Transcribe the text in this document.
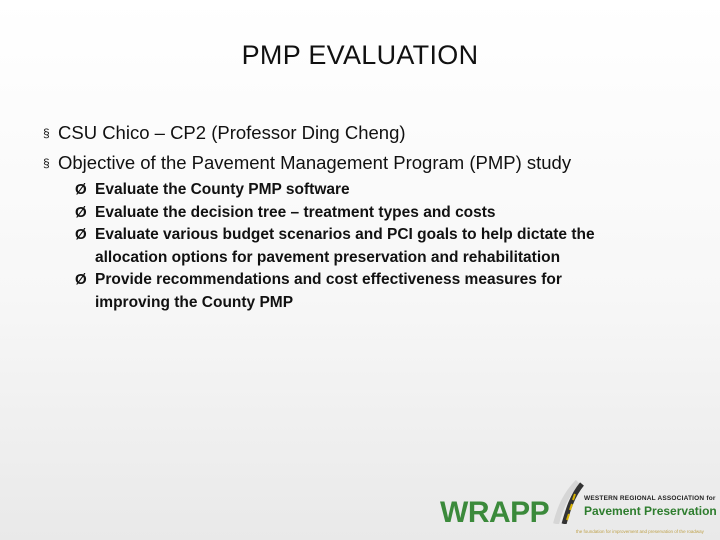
PMP EVALUATION
§ CSU Chico – CP2 (Professor Ding Cheng)
§ Objective of the Pavement Management Program (PMP) study
Ø Evaluate the County PMP software
Ø Evaluate the decision tree – treatment types and costs
Ø Evaluate various budget scenarios and PCI goals to help dictate the allocation options for pavement preservation and rehabilitation
Ø Provide recommendations and cost effectiveness measures for improving the County PMP
WRAPP	WESTERN REGIONAL ASSOCIATION for
Pavement Preservation
the foundation for improvement and preservation of the roadway
